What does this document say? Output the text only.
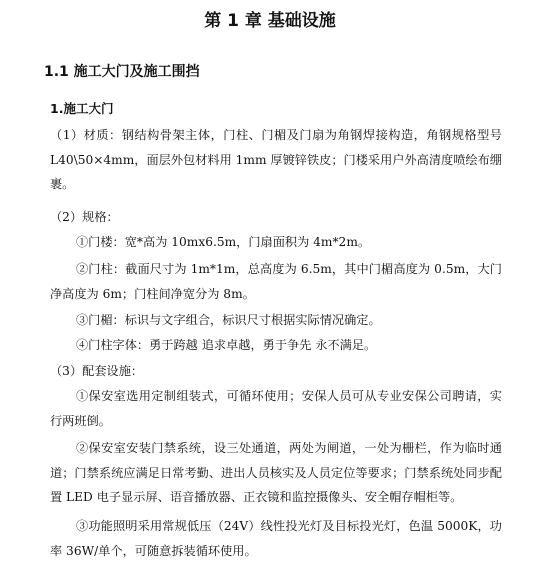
第 1 章 基础设施
1.1 施工大门及施工围挡
1.施工大门

（1）材质：钢结构骨架主体，门柱、门楣及门扇为角钢焊接构造，角钢规格型号 L40\50×4mm，面层外包材料用 1mm 厚镀锌铁皮；门楼采用户外高清度喷绘布绷裹。

（2）规格：

①门楼：宽*高为 10mx6.5m，门扇面积为 4m*2m。

②门柱：截面尺寸为 1m*1m，总高度为 6.5m，其中门楣高度为 0.5m，大门净高度为 6m；门柱间净宽分为 8m。

③门楣：标识与文字组合，标识尺寸根据实际情况确定。

④门柱字体：勇于跨越 追求卓越，勇于争先 永不满足。

（3）配套设施：

①保安室选用定制组装式，可循环使用；安保人员可从专业安保公司聘请，实行两班倒。

②保安室安装门禁系统，设三处通道，两处为闸道，一处为栅栏，作为临时通道；门禁系统应满足日常考勤、进出人员核实及人员定位等要求；门禁系统处同步配置 LED 电子显示屏、语音播放器、正衣镜和监控摄像头、安全帽存帽柜等。

③功能照明采用常规低压（24V）线性投光灯及目标投光灯，色温 5000K，功率 36W/单个，可随意拆装循环使用。
